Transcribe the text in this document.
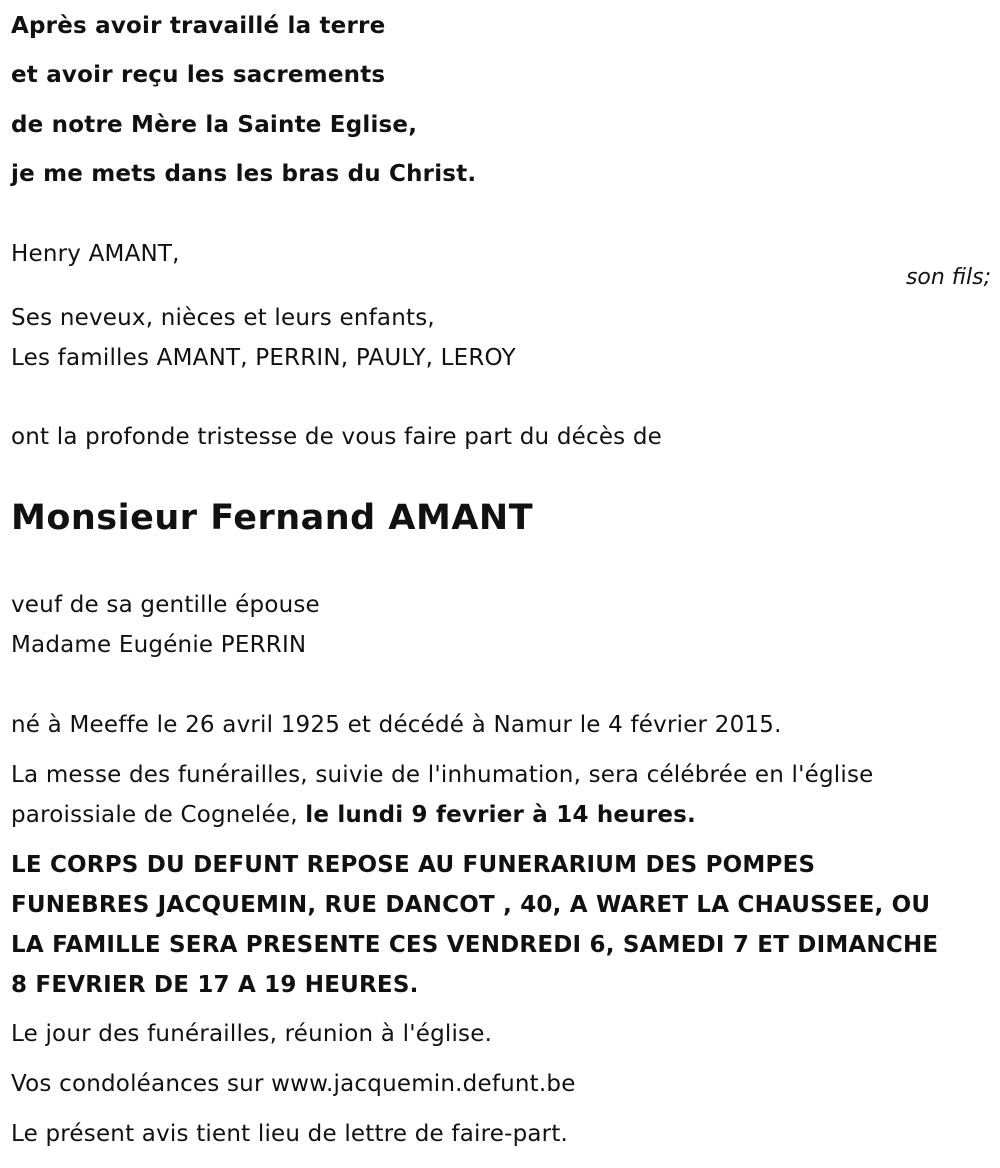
Après avoir travaillé la terre
et avoir reçu les sacrements
de notre Mère la Sainte Eglise,
je me mets dans les bras du Christ.
Henry AMANT,
Ses neveux, nièces et leurs enfants,
Les familles AMANT, PERRIN, PAULY, LEROY
ont la profonde tristesse de vous faire part du décès de
Monsieur Fernand AMANT
veuf de sa gentille épouse
Madame Eugénie PERRIN
né à Meeffe le 26 avril 1925 et décédé à Namur le 4 février 2015.
La messe des funérailles, suivie de l'inhumation, sera célébrée en l'église
paroissiale de Cognelée, le lundi 9 fevrier à 14 heures.
LE CORPS DU DEFUNT REPOSE AU FUNERARIUM DES POMPES
FUNEBRES JACQUEMIN, RUE DANCOT , 40, A WARET LA CHAUSSEE, OU
LA FAMILLE SERA PRESENTE CES VENDREDI 6, SAMEDI 7 ET DIMANCHE
8 FEVRIER DE 17 A 19 HEURES.
Le jour des funérailles, réunion à l'église.
Vos condoléances sur www.jacquemin.defunt.be
Le présent avis tient lieu de lettre de faire-part.
son fils;
